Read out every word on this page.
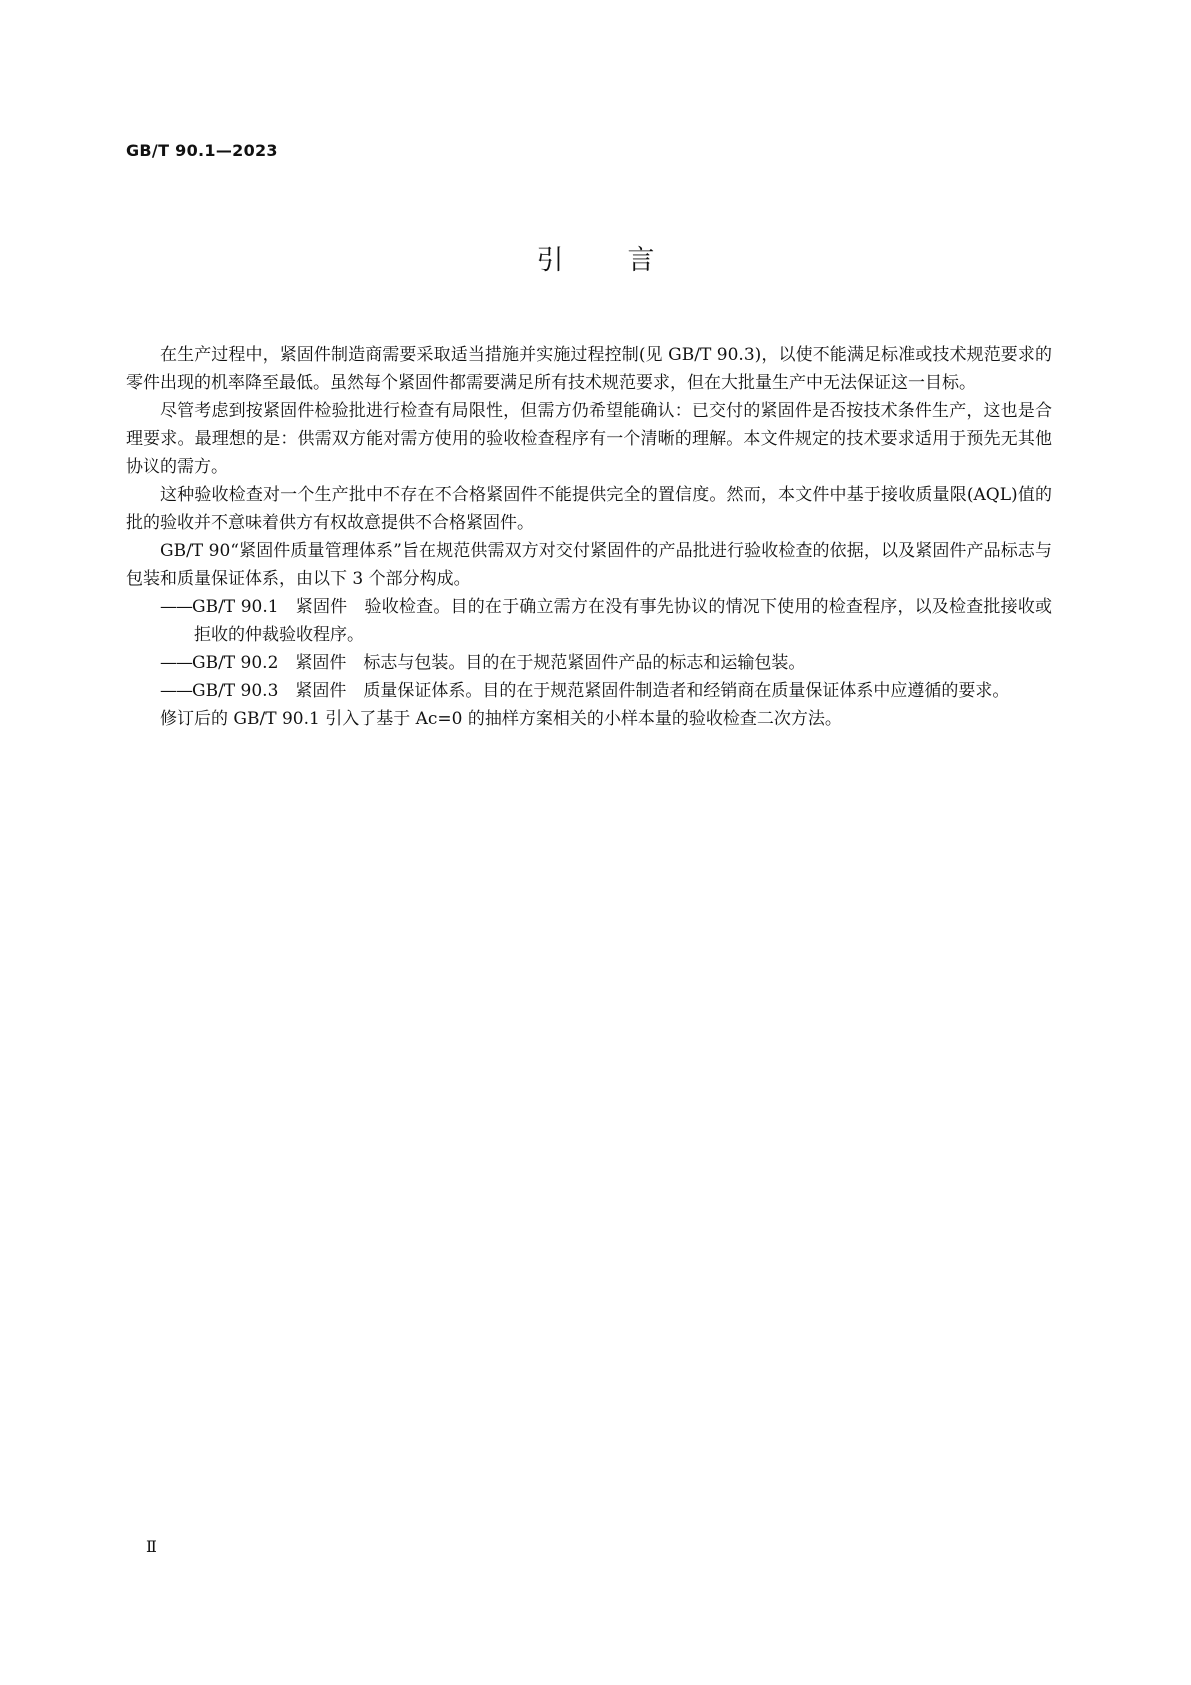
GB/T 90.1—2023
引言

在生产过程中，紧固件制造商需要采取适当措施并实施过程控制(见 GB/T 90.3)，以使不能满足标准或技术规范要求的零件出现的机率降至最低。虽然每个紧固件都需要满足所有技术规范要求，但在大批量生产中无法保证这一目标。

尽管考虑到按紧固件检验批进行检查有局限性，但需方仍希望能确认：已交付的紧固件是否按技术条件生产，这也是合理要求。最理想的是：供需双方能对需方使用的验收检查程序有一个清晰的理解。本文件规定的技术要求适用于预先无其他协议的需方。

这种验收检查对一个生产批中不存在不合格紧固件不能提供完全的置信度。然而，本文件中基于接收质量限(AQL)值的批的验收并不意味着供方有权故意提供不合格紧固件。

GB/T 90“紧固件质量管理体系”旨在规范供需双方对交付紧固件的产品批进行验收检查的依据，以及紧固件产品标志与包装和质量保证体系，由以下 3 个部分构成。

——GB/T 90.1 紧固件 验收检查。目的在于确立需方在没有事先协议的情况下使用的检查程序，以及检查批接收或拒收的仲裁验收程序。

——GB/T 90.2 紧固件 标志与包装。目的在于规范紧固件产品的标志和运输包装。

——GB/T 90.3 紧固件 质量保证体系。目的在于规范紧固件制造者和经销商在质量保证体系中应遵循的要求。

修订后的 GB/T 90.1 引入了基于 Ac=0 的抽样方案相关的小样本量的验收检查二次方法。

Ⅱ
